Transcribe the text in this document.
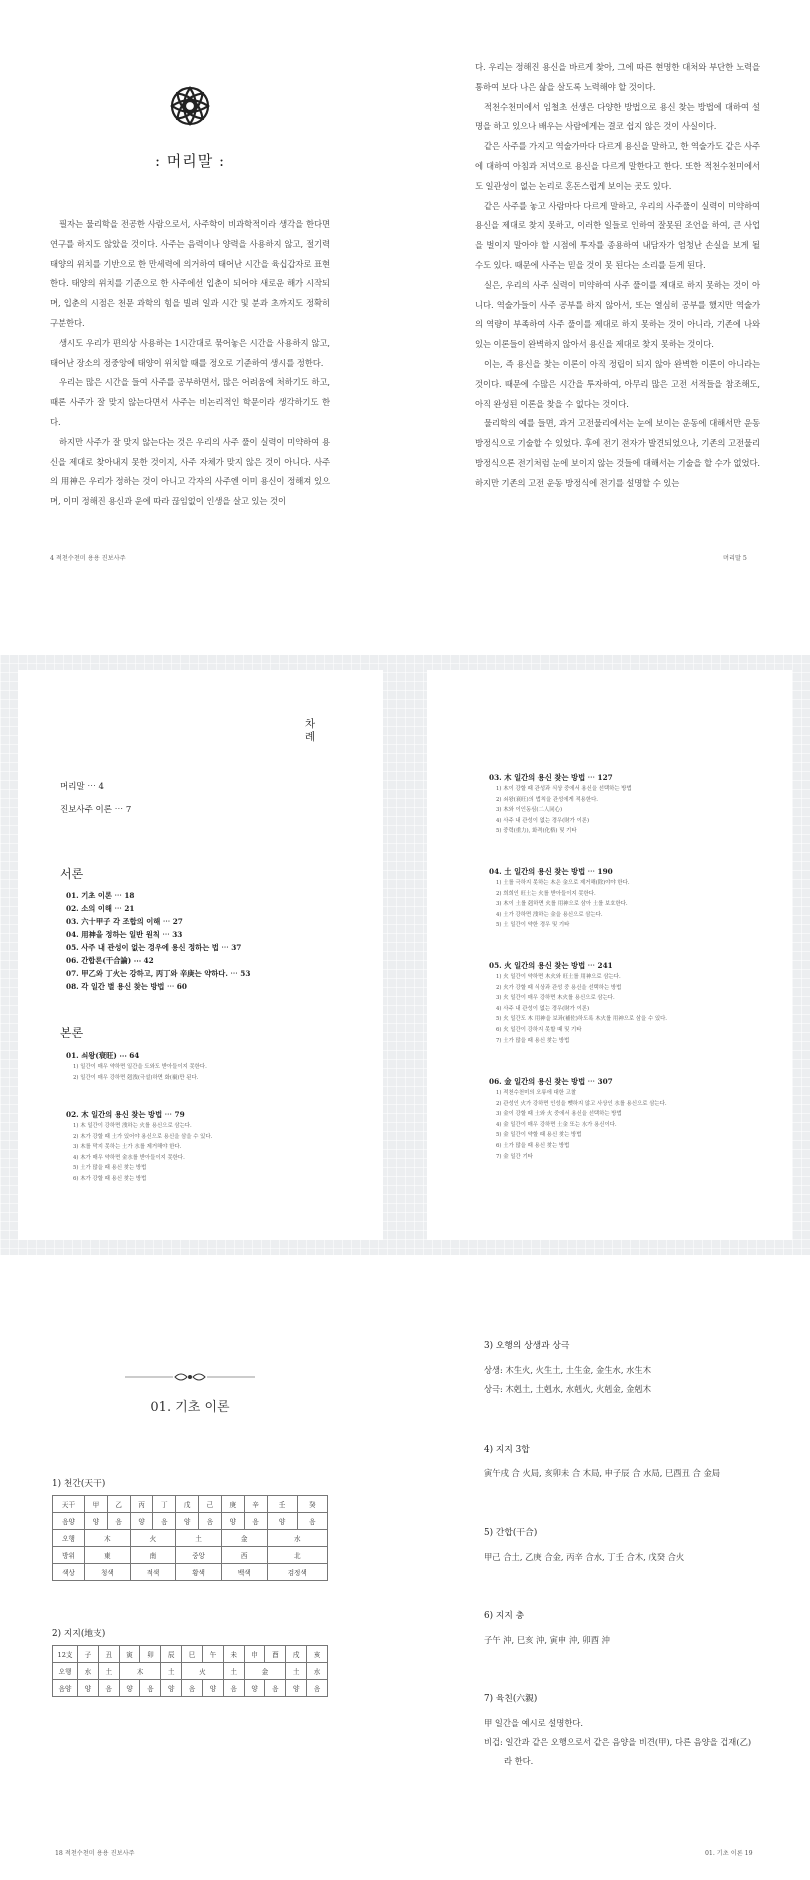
: 머리말 :

필자는 물리학을 전공한 사람으로서, 사주학이 비과학적이라 생각을 한다면 연구를 하지도 않았을 것이다. 사주는 음력이나 양력을 사용하지 않고, 절기력 태양의 위치를 기반으로 한 만세력에 의거하여 태어난 시간을 육십갑자로 표현한다. 태양의 위치를 기준으로 한 사주에선 입춘이 되어야 새로운 해가 시작되며, 입춘의 시점은 천문 과학의 힘을 빌려 일과 시간 및 분과 초까지도 정확히 구분한다.

생시도 우리가 편의상 사용하는 1시간대로 묶어놓은 시간을 사용하지 않고, 태어난 장소의 정중앙에 태양이 위치할 때를 정오로 기준하여 생시를 정한다.

우리는 많은 시간을 들여 사주를 공부하면서, 많은 어려움에 처하기도 하고, 때론 사주가 잘 맞지 않는다면서 사주는 비논리적인 학문이라 생각하기도 한다.

하지만 사주가 잘 맞지 않는다는 것은 우리의 사주 풀이 실력이 미약하여 용신을 제대로 찾아내지 못한 것이지, 사주 자체가 맞지 않은 것이 아니다. 사주의 用神은 우리가 정하는 것이 아니고 각자의 사주엔 이미 용신이 정해져 있으며, 이미 정해진 용신과 운에 따라 끊임없이 인생을 살고 있는 것이

4 적천수천미 용용 진보사주

다. 우리는 정해진 용신을 바르게 찾아, 그에 따른 현명한 대처와 부단한 노력을 통하여 보다 나은 삶을 살도록 노력해야 할 것이다.

적천수천미에서 임철초 선생은 다양한 방법으로 용신 찾는 방법에 대하여 설명을 하고 있으나 배우는 사람에게는 결코 쉽지 않은 것이 사실이다.

같은 사주를 가지고 역술가마다 다르게 용신을 말하고, 한 역술가도 같은 사주에 대하여 아침과 저녁으로 용신을 다르게 말한다고 한다. 또한 적천수천미에서도 일관성이 없는 논리로 혼돈스럽게 보이는 곳도 있다.

같은 사주를 놓고 사람마다 다르게 말하고, 우리의 사주풀이 실력이 미약하여 용신을 제대로 찾지 못하고, 이러한 일들로 인하여 잘못된 조언을 하여, 큰 사업을 벌이지 말아야 할 시점에 투자를 종용하여 내담자가 엄청난 손실을 보게 될 수도 있다. 때문에 사주는 믿을 것이 못 된다는 소리를 듣게 된다.

실은, 우리의 사주 실력이 미약하여 사주 풀이를 제대로 하지 못하는 것이 아니다. 역술가들이 사주 공부를 하지 않아서, 또는 열심히 공부를 했지만 역술가의 역량이 부족하여 사주 풀이를 제대로 하지 못하는 것이 아니라, 기존에 나와있는 이론들이 완벽하지 않아서 용신을 제대로 찾지 못하는 것이다.

이는, 즉 용신을 찾는 이론이 아직 정립이 되지 않아 완벽한 이론이 아니라는 것이다. 때문에 수많은 시간을 투자하여, 아무리 많은 고전 서적들을 참조해도, 아직 완성된 이론을 찾을 수 없다는 것이다.

물리학의 예를 들면, 과거 고전물리에서는 눈에 보이는 운동에 대해서만 운동 방정식으로 기술할 수 있었다. 후에 전기 전자가 발견되었으나, 기존의 고전물리 방정식으론 전기처럼 눈에 보이지 않는 것들에 대해서는 기술을 할 수가 없었다. 하지만 기존의 고전 운동 방정식에 전기를 설명할 수 있는

머리말 5
차례
머리말 ⋯ 4
진보사주 이론 ⋯ 7
서론
01. 기초 이론 ⋯ 18
02. 소의 이해 ⋯ 21
03. 六十甲子 각 조합의 이해 ⋯ 27
04. 用神을 정하는 일반 원칙 ⋯ 33
05. 사주 내 관성이 없는 경우에 용신 정하는 법 ⋯ 37
06. 간합론(干合論) ⋯ 42
07. 甲乙와 丁火는 강하고, 丙丁와 辛庚는 약하다. ⋯ 53
08. 각 일간 별 용신 찾는 방법 ⋯ 60
본론
01. 쇠왕(衰旺) ⋯ 64
1) 일간이 매우 약하면 일간을 도와도 받아들이지 못한다.
2) 일간이 매우 강하면 剋洩(극설)하면 화(禍)만 된다.
02. 木 일간의 용신 찾는 방법 ⋯ 79
1) 木 일간이 강하면 洩하는 火를 용신으로 삼는다.
2) 木가 강할 때 土가 있어야 용신으로 용신을 삼을 수 있다.
3) 木를 막지 못하는 土가 水를 제거해야 한다.
4) 木가 매우 약하면 金水를 받아들이지 못한다.
5) 土가 많을 때 용신 찾는 방법
6) 木가 강할 때 용신 찾는 방법
03. 木 일간의 용신 찾는 방법 ⋯ 127
1) 木이 강할 때 관성과 식상 중에서 용신을 선택하는 방법
2) 쇠왕(衰旺)의 법칙을 관성에게 적용한다.
3) 木와 이인동심(二人同心)
4) 사주 내 관성이 없는 경우(財가 이론)
5) 중력(重力), 화격(化格) 및 기타
04. 土 일간의 용신 찾는 방법 ⋯ 190
1) 土를 극하지 못하는 木은 金으로 제거해(除)야야 한다.
2) 희희인 旺土는 火를 받아들이지 못한다.
3) 木이 土를 剋하면 火를 用神으로 삼아 土를 보호한다.
4) 土가 강하면 洩하는 金을 용신으로 삼는다.
5) 土 일간이 약한 경우 및 기타
05. 火 일간의 용신 찾는 방법 ⋯ 241
1) 火 일간이 약하면 木火와 旺土를 用神으로 삼는다.
2) 火가 강할 때 식상과 관성 중 용신을 선택하는 방법
3) 火 일간이 매우 강하면 木火를 용신으로 삼는다.
4) 사주 내 관성이 없는 경우(財가 이론)
5) 火 일간도 木 用神을 보좌(補佐)하도록 木火를 用神으로 삼을 수 있다.
6) 火 일간이 강하지 못할 때 및 기타
7) 土가 많을 때 용신 찾는 방법
06. 金 일간의 용신 찾는 방법 ⋯ 307
1) 적천수천미의 오류에 대한 고찰
2) 관성인 火가 강하면 인성을 뺏하지 않고 사상인 水를 용신으로 삼는다.
3) 金이 강할 때 土와 火 중에서 용신을 선택하는 방법
4) 金 일간이 매우 강하면 土金 또는 水가 용신이다.
5) 金 일간이 약할 때 용신 찾는 방법
6) 土가 많을 때 용신 찾는 방법
7) 金 일간 기타
01. 기초 이론
1) 천간(天干)
天干	甲	乙	丙	丁	戊	己	庚	辛	壬	癸
음양	양	음	양	음	양	음	양	음	양	음
오행	木		火		土		金		水	
방위	東		南		중앙		西		北	
색상	청색		적색		황색		백색		검정색	
2) 지지(地支)
12支	子	丑	寅	卯	辰	巳	午	未	申	酉	戌	亥
오행	水	土	木		土	火		土	金		土	水
음양	양	음	양	음	양	음	양	음	양	음	양	음
18 적천수천미 용용 진보사주
3) 오행의 상생과 상극
상생: 木生火, 火生土, 土生金, 金生水, 水生木
상극: 木剋土, 土剋水, 水剋火, 火剋金, 金剋木
4) 지지 3합
寅午戌 合 火局, 亥卯未 合 木局, 申子辰 合 水局, 巳酉丑 合 金局
5) 간합(干合)
甲己 合土, 乙庚 合金, 丙辛 合水, 丁壬 合木, 戊癸 合火
6) 지지 충
子午 沖, 巳亥 沖, 寅申 沖, 卯酉 沖
7) 육친(六親)
甲 일간을 예시로 설명한다.
비겁: 일간과 같은 오행으로서 같은 음양을 비견(甲), 다른 음양을 겁재(乙)
라 한다.
01. 기초 이론 19
